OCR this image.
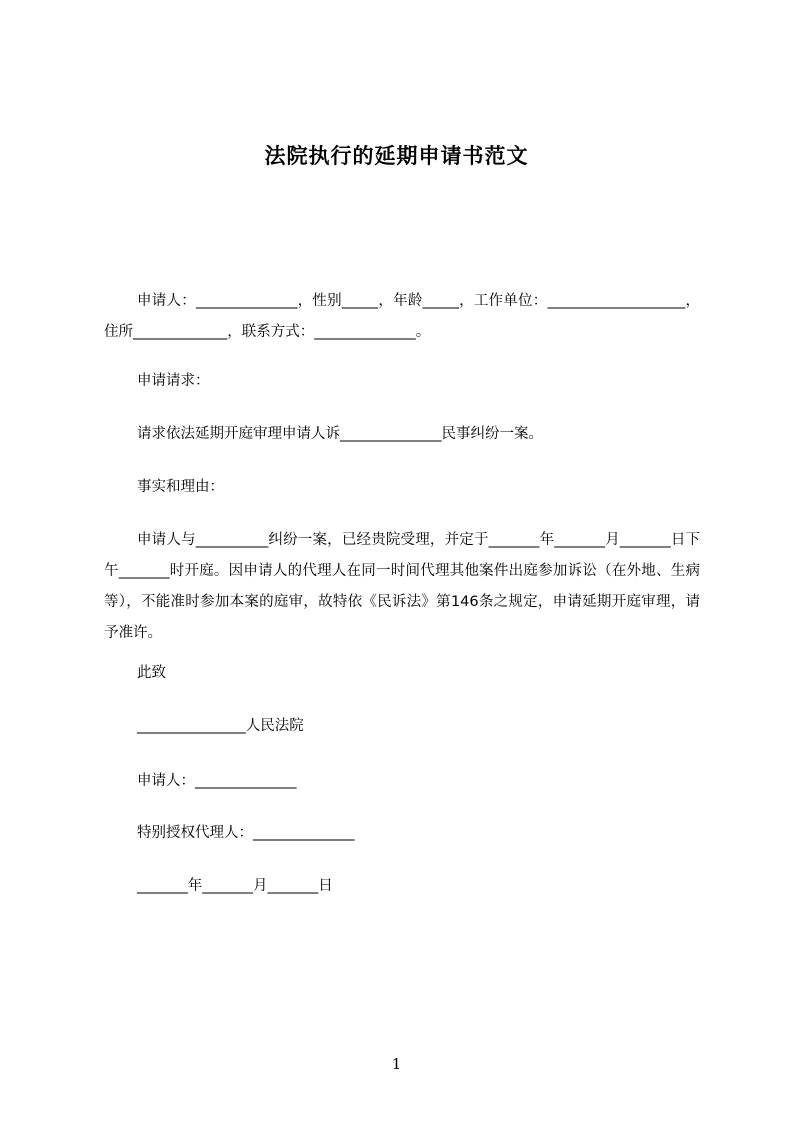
法院执行的延期申请书范文

申请人：______________，性别_____，年龄_____，工作单位：___________________，住所_____________，联系方式：______________。

申请请求：

请求依法延期开庭审理申请人诉______________民事纠纷一案。

事实和理由：

申请人与__________纠纷一案，已经贵院受理，并定于_______年_______月_______日下午_______时开庭。因申请人的代理人在同一时间代理其他案件出庭参加诉讼（在外地、生病等），不能准时参加本案的庭审，故特依《民诉法》第146条之规定，申请延期开庭审理，请予准许。

此致

_______________人民法院

申请人：______________

特别授权代理人：______________

_______年_______月_______日

1
